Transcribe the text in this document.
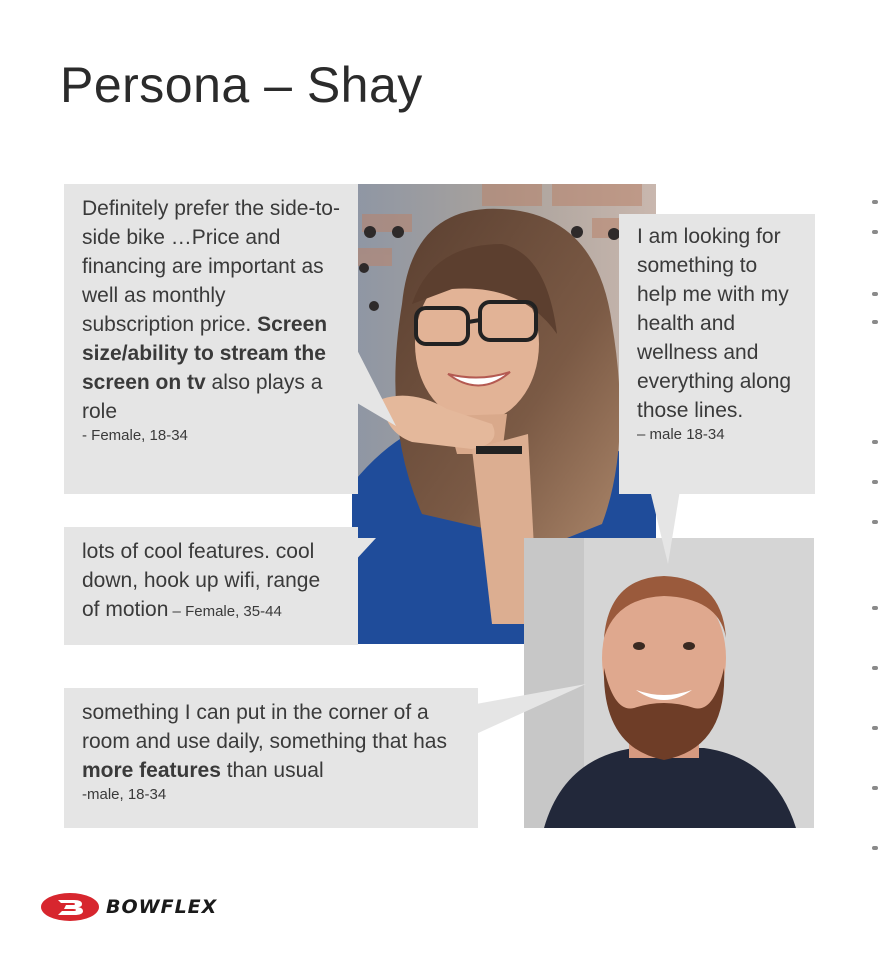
Persona – Shay
Definitely prefer the side-to-side bike …Price and financing are important as well as monthly subscription price. Screen size/ability to stream the screen on tv also plays a role
- Female, 18-34
I am looking for something to help me with my health and wellness and everything along those lines.
– male 18-34
lots of cool features. cool down, hook up wifi, range of motion – Female, 35-44
something I can put in the corner of a room and use daily, something that has more features than usual
-male, 18-34
BOWFLEX
